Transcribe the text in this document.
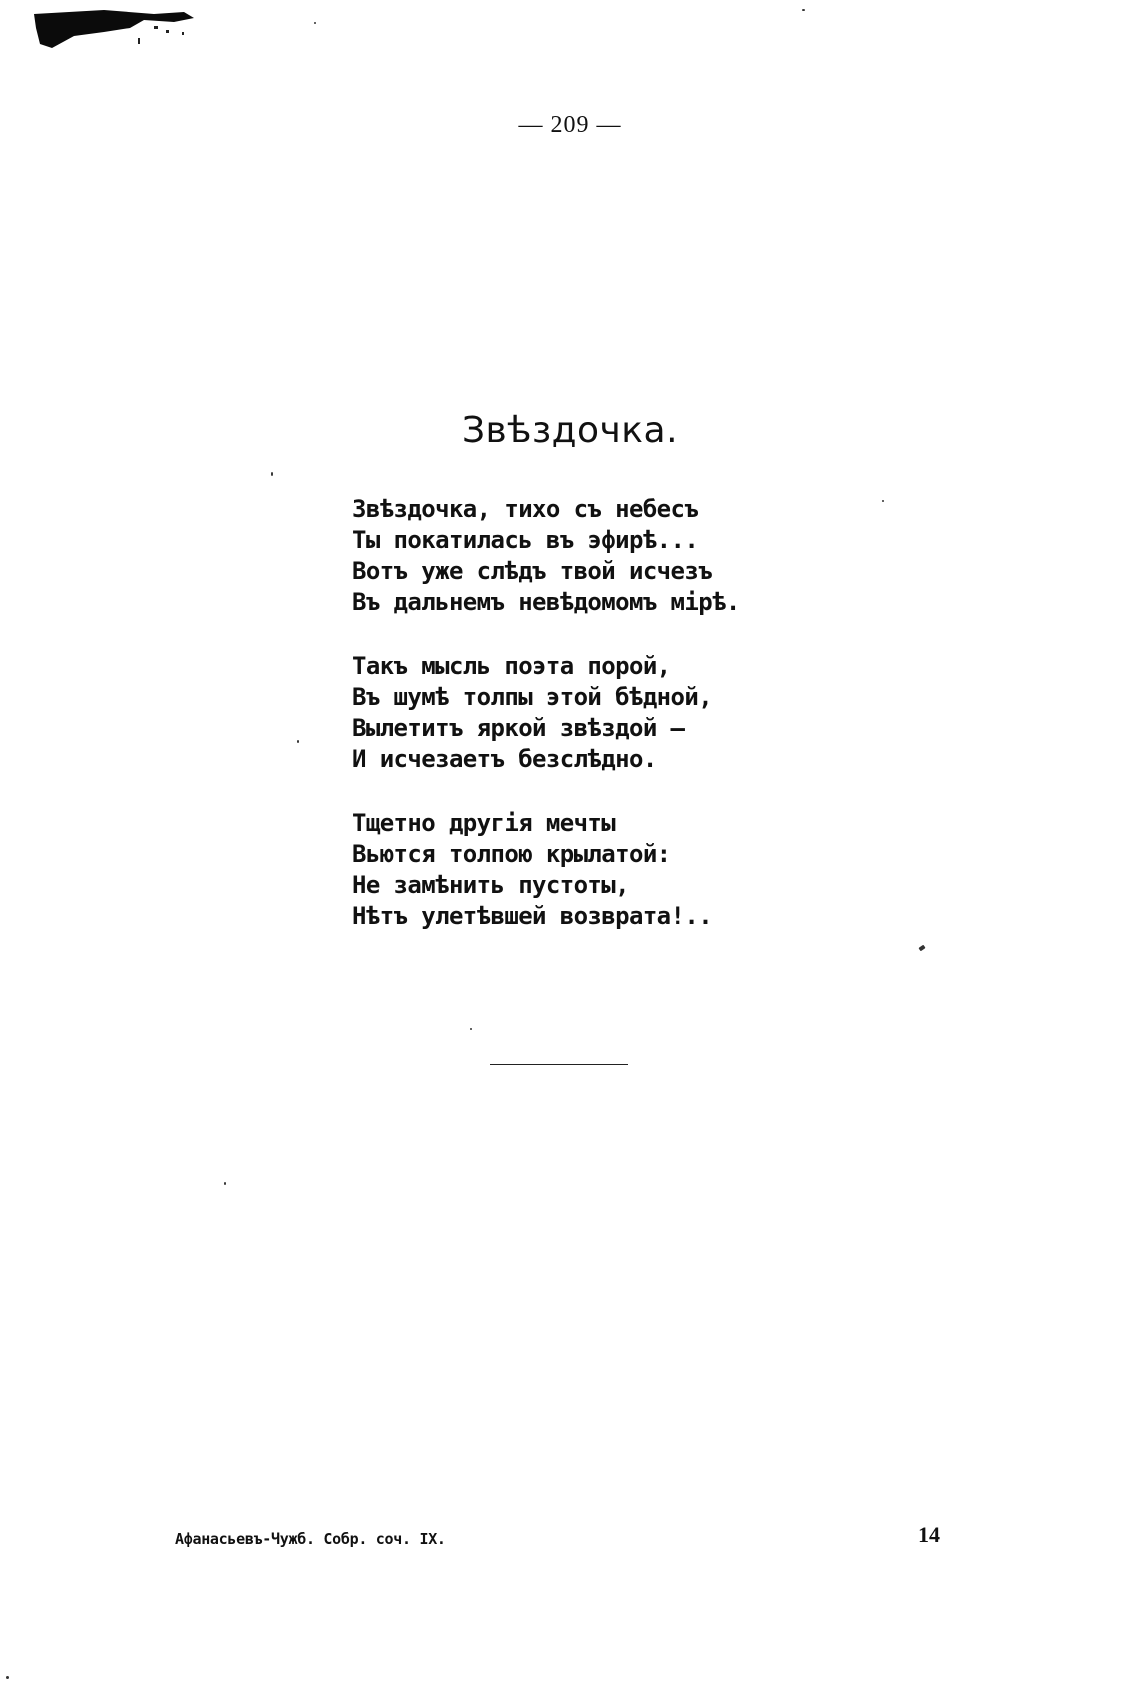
— 209 —
Звѣздочка.
Звѣздочка, тихо съ небесъ
Ты покатилась въ эфирѣ...
Вотъ уже слѣдъ твой исчезъ
Въ дальнемъ невѣдомомъ мірѣ.
Такъ мысль поэта порой,
Въ шумѣ толпы этой бѣдной,
Вылетитъ яркой звѣздой —
И исчезаетъ безслѣдно.
Тщетно другія мечты
Вьются толпою крылатой:
Не замѣнить пустоты,
Нѣтъ улетѣвшей возврата!..
Афанасьевъ-Чужб. Собр. соч. IX.	14
